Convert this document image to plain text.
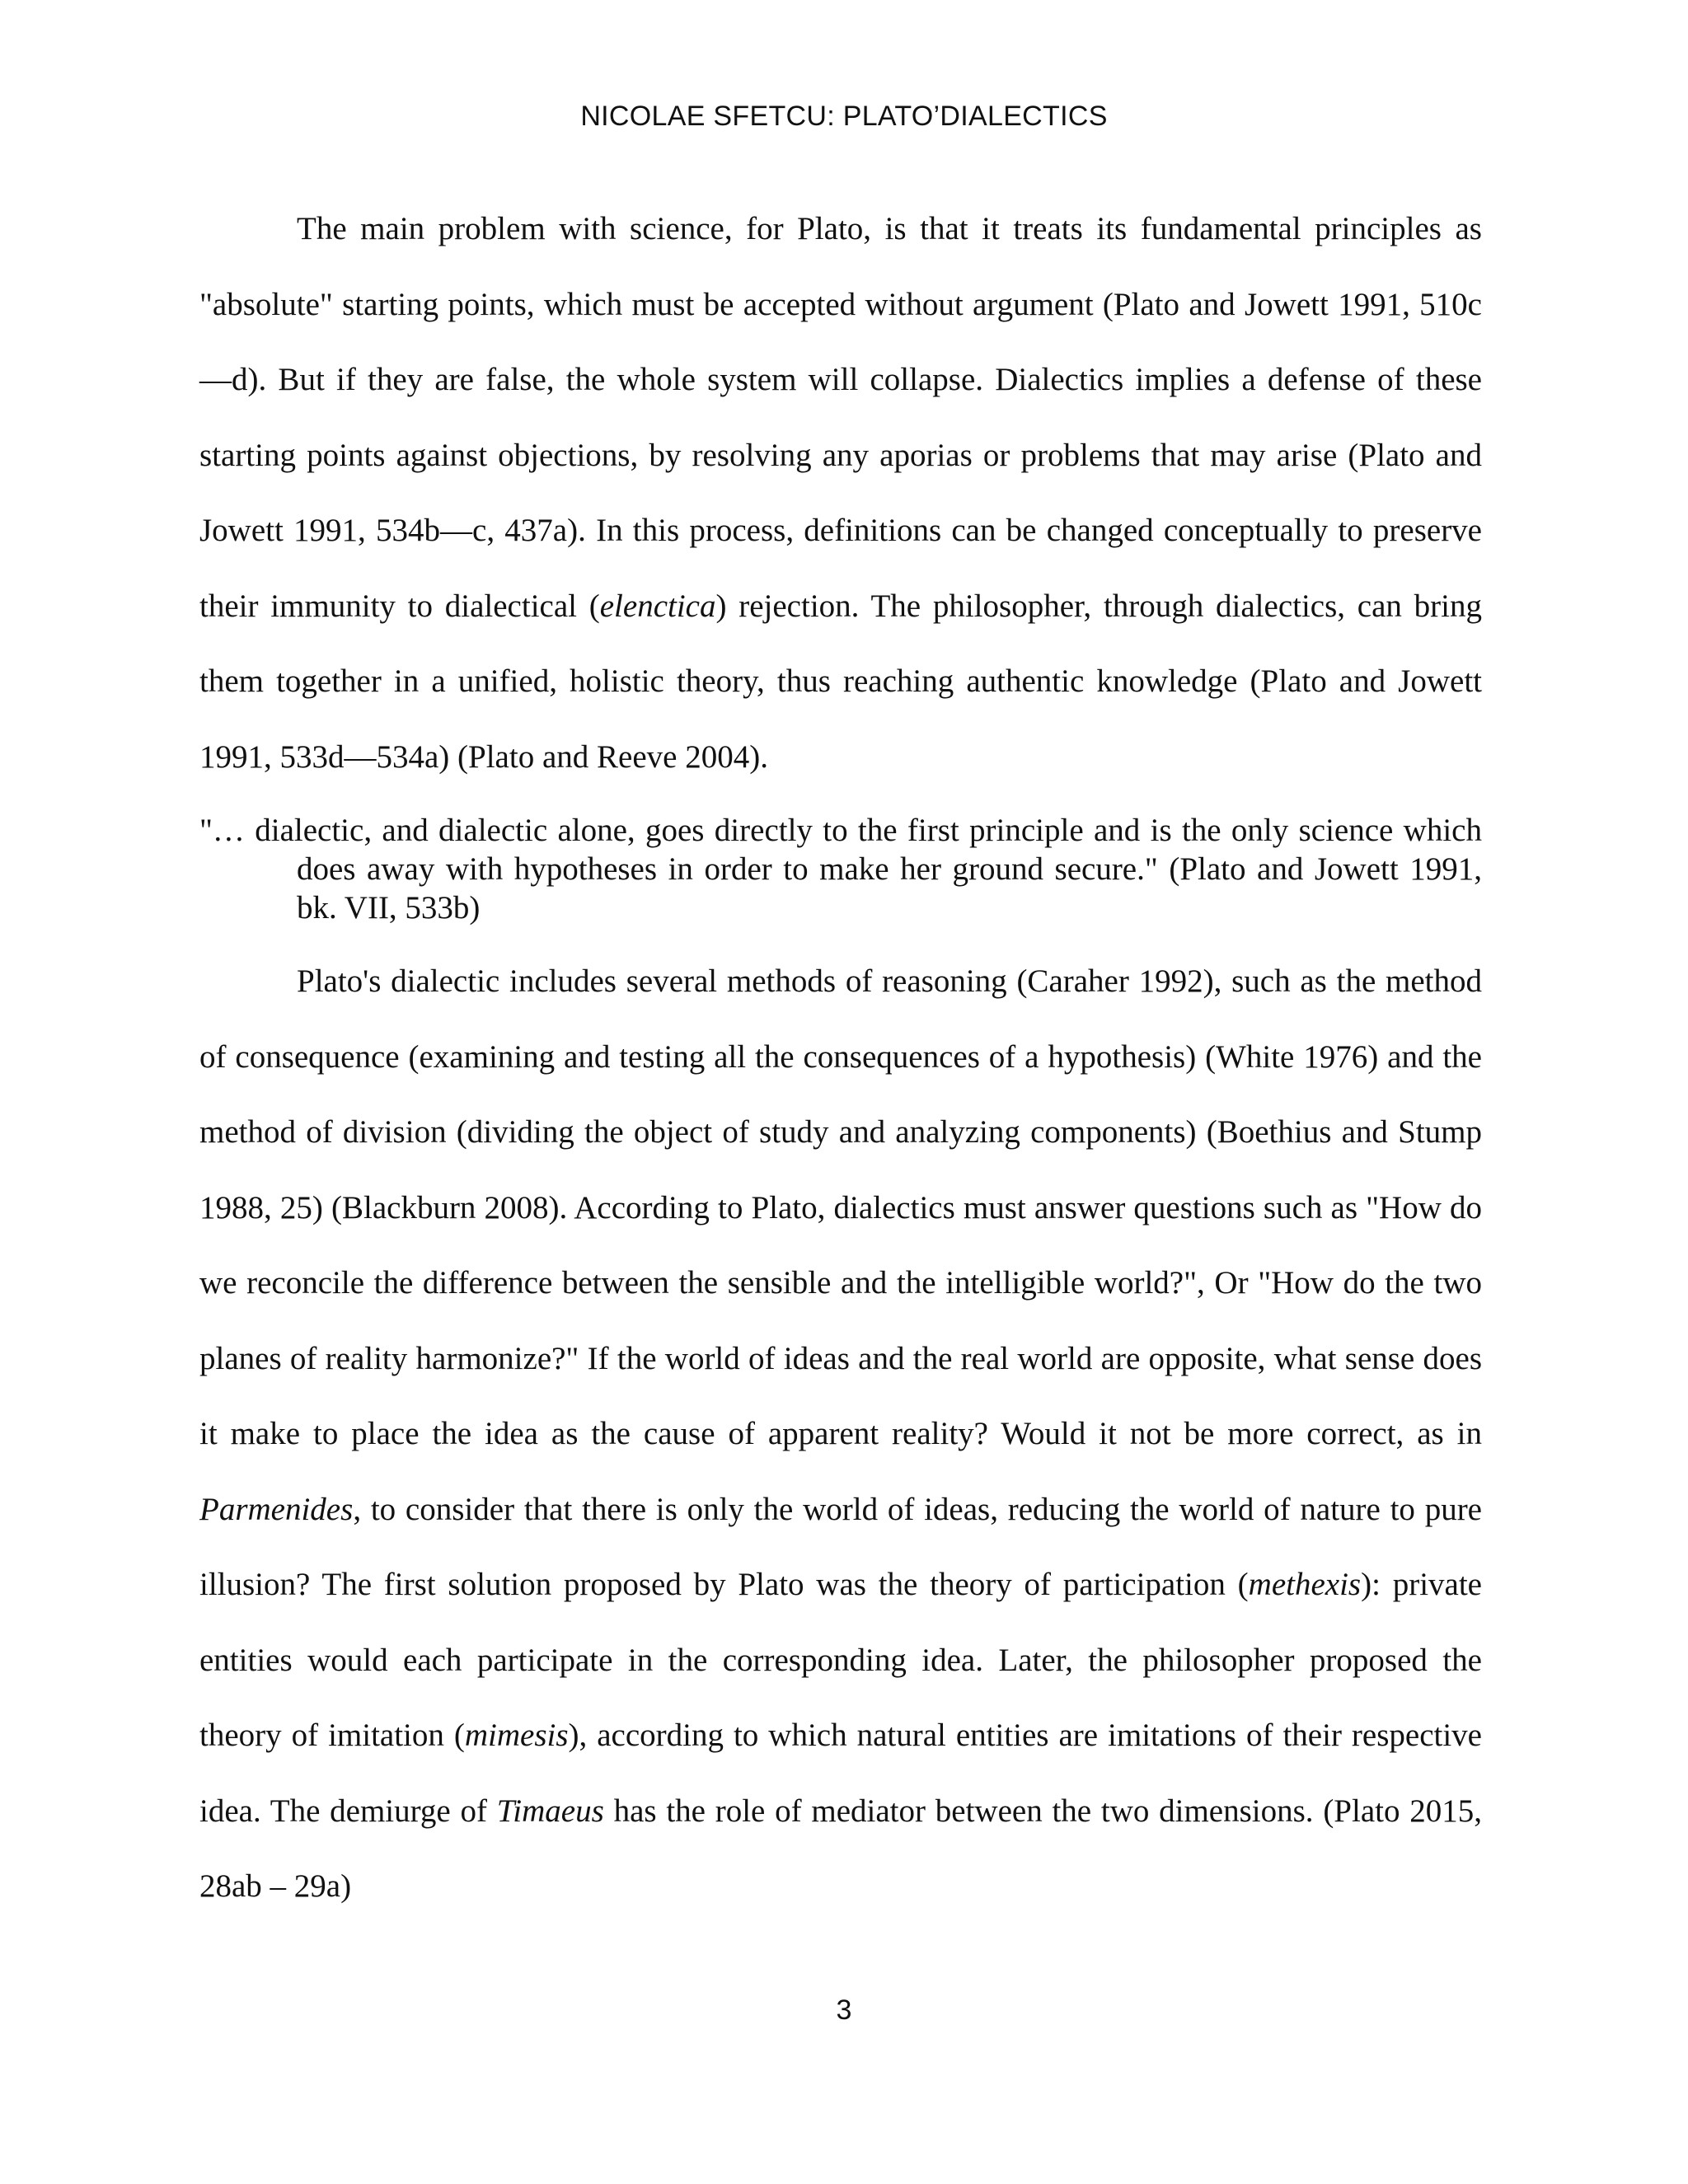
NICOLAE SFETCU: PLATO’DIALECTICS

The main problem with science, for Plato, is that it treats its fundamental principles as "absolute" starting points, which must be accepted without argument (Plato and Jowett 1991, 510c—d). But if they are false, the whole system will collapse. Dialectics implies a defense of these starting points against objections, by resolving any aporias or problems that may arise (Plato and Jowett 1991, 534b—c, 437a). In this process, definitions can be changed conceptually to preserve their immunity to dialectical (elenctica) rejection. The philosopher, through dialectics, can bring them together in a unified, holistic theory, thus reaching authentic knowledge (Plato and Jowett 1991, 533d—534a) (Plato and Reeve 2004).

"… dialectic, and dialectic alone, goes directly to the first principle and is the only science which does away with hypotheses in order to make her ground secure." (Plato and Jowett 1991, bk. VII, 533b)

Plato's dialectic includes several methods of reasoning (Caraher 1992), such as the method of consequence (examining and testing all the consequences of a hypothesis) (White 1976) and the method of division (dividing the object of study and analyzing components) (Boethius and Stump 1988, 25) (Blackburn 2008). According to Plato, dialectics must answer questions such as "How do we reconcile the difference between the sensible and the intelligible world?", Or "How do the two planes of reality harmonize?" If the world of ideas and the real world are opposite, what sense does it make to place the idea as the cause of apparent reality? Would it not be more correct, as in Parmenides, to consider that there is only the world of ideas, reducing the world of nature to pure illusion? The first solution proposed by Plato was the theory of participation (methexis): private entities would each participate in the corresponding idea. Later, the philosopher proposed the theory of imitation (mimesis), according to which natural entities are imitations of their respective idea. The demiurge of Timaeus has the role of mediator between the two dimensions. (Plato 2015, 28ab – 29a)

3
